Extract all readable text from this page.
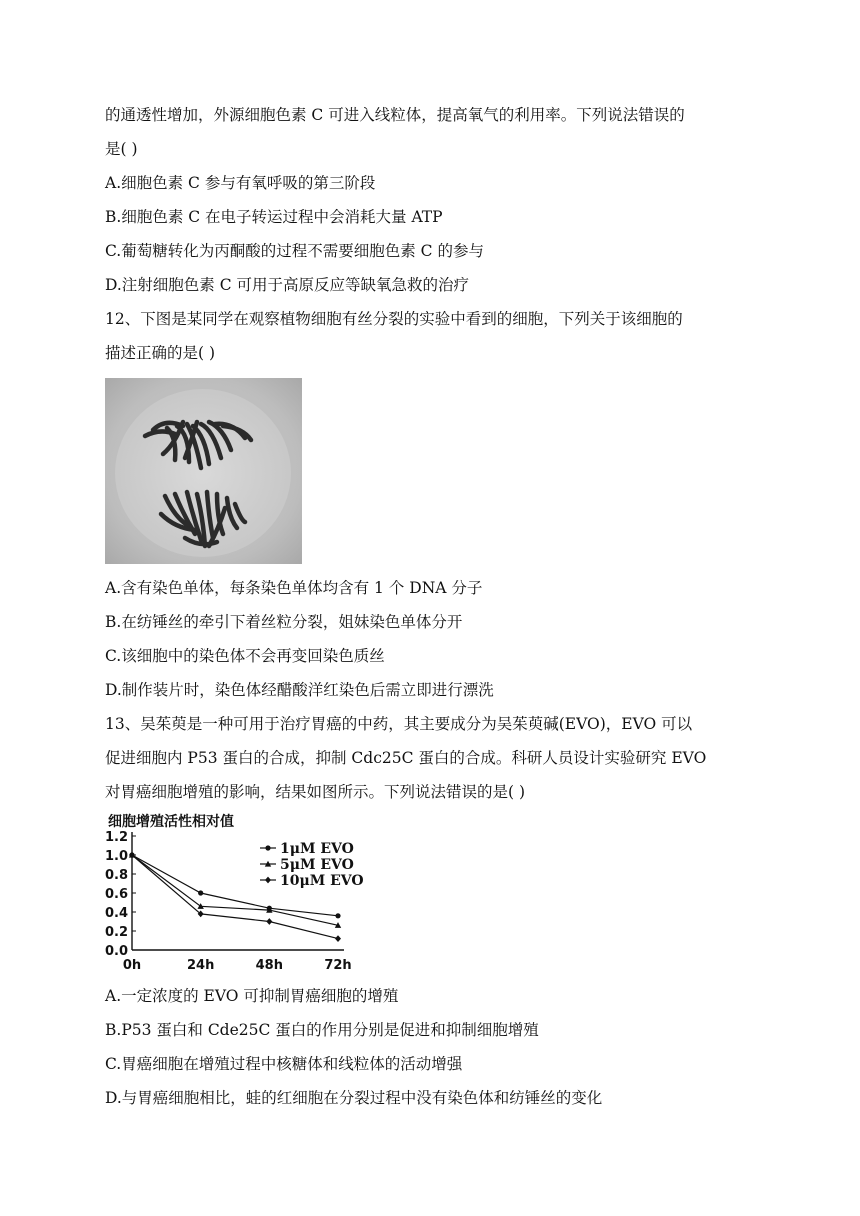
的通透性增加，外源细胞色素 C 可进入线粒体，提高氧气的利用率。下列说法错误的
是( )
A.细胞色素 C 参与有氧呼吸的第三阶段
B.细胞色素 C 在电子转运过程中会消耗大量 ATP
C.葡萄糖转化为丙酮酸的过程不需要细胞色素 C 的参与
D.注射细胞色素 C 可用于高原反应等缺氧急救的治疗
12、下图是某同学在观察植物细胞有丝分裂的实验中看到的细胞，下列关于该细胞的
描述正确的是( )
A.含有染色单体，每条染色单体均含有 1 个 DNA 分子
B.在纺锤丝的牵引下着丝粒分裂，姐妹染色单体分开
C.该细胞中的染色体不会再变回染色质丝
D.制作装片时，染色体经醋酸洋红染色后需立即进行漂洗
13、吴茱萸是一种可用于治疗胃癌的中药，其主要成分为吴茱萸碱(EVO)，EVO 可以
促进细胞内 P53 蛋白的合成，抑制 Cdc25C 蛋白的合成。科研人员设计实验研究 EVO
对胃癌细胞增殖的影响，结果如图所示。下列说法错误的是( )
细胞增殖活性相对值
0.0
0.2
0.4
0.6
0.8
1.0
1.2
0h	24h	48h	72h
1μM EVO
5μM EVO
10μM EVO
A.一定浓度的 EVO 可抑制胃癌细胞的增殖
B.P53 蛋白和 Cde25C 蛋白的作用分别是促进和抑制细胞增殖
C.胃癌细胞在增殖过程中核糖体和线粒体的活动增强
D.与胃癌细胞相比，蛙的红细胞在分裂过程中没有染色体和纺锤丝的变化
